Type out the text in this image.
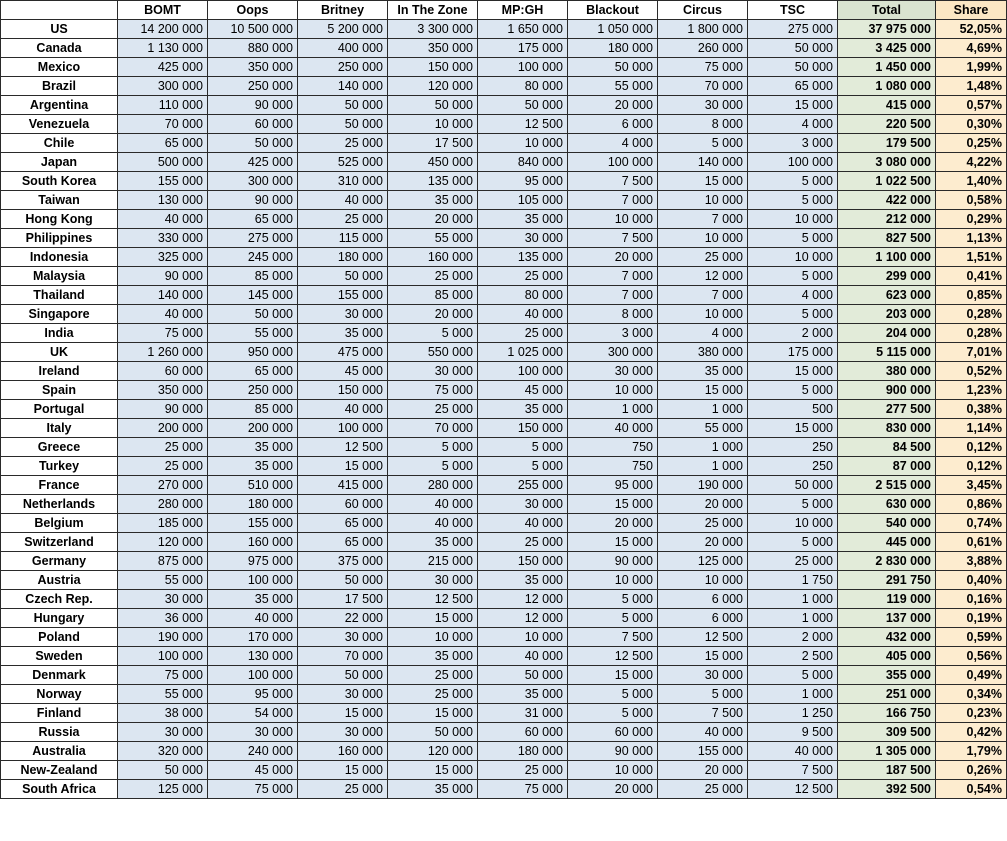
	BOMT	Oops	Britney	In The Zone	MP:GH	Blackout	Circus	TSC	Total	Share
US	14 200 000	10 500 000	5 200 000	3 300 000	1 650 000	1 050 000	1 800 000	275 000	37 975 000	52,05%
Canada	1 130 000	880 000	400 000	350 000	175 000	180 000	260 000	50 000	3 425 000	4,69%
Mexico	425 000	350 000	250 000	150 000	100 000	50 000	75 000	50 000	1 450 000	1,99%
Brazil	300 000	250 000	140 000	120 000	80 000	55 000	70 000	65 000	1 080 000	1,48%
Argentina	110 000	90 000	50 000	50 000	50 000	20 000	30 000	15 000	415 000	0,57%
Venezuela	70 000	60 000	50 000	10 000	12 500	6 000	8 000	4 000	220 500	0,30%
Chile	65 000	50 000	25 000	17 500	10 000	4 000	5 000	3 000	179 500	0,25%
Japan	500 000	425 000	525 000	450 000	840 000	100 000	140 000	100 000	3 080 000	4,22%
South Korea	155 000	300 000	310 000	135 000	95 000	7 500	15 000	5 000	1 022 500	1,40%
Taiwan	130 000	90 000	40 000	35 000	105 000	7 000	10 000	5 000	422 000	0,58%
Hong Kong	40 000	65 000	25 000	20 000	35 000	10 000	7 000	10 000	212 000	0,29%
Philippines	330 000	275 000	115 000	55 000	30 000	7 500	10 000	5 000	827 500	1,13%
Indonesia	325 000	245 000	180 000	160 000	135 000	20 000	25 000	10 000	1 100 000	1,51%
Malaysia	90 000	85 000	50 000	25 000	25 000	7 000	12 000	5 000	299 000	0,41%
Thailand	140 000	145 000	155 000	85 000	80 000	7 000	7 000	4 000	623 000	0,85%
Singapore	40 000	50 000	30 000	20 000	40 000	8 000	10 000	5 000	203 000	0,28%
India	75 000	55 000	35 000	5 000	25 000	3 000	4 000	2 000	204 000	0,28%
UK	1 260 000	950 000	475 000	550 000	1 025 000	300 000	380 000	175 000	5 115 000	7,01%
Ireland	60 000	65 000	45 000	30 000	100 000	30 000	35 000	15 000	380 000	0,52%
Spain	350 000	250 000	150 000	75 000	45 000	10 000	15 000	5 000	900 000	1,23%
Portugal	90 000	85 000	40 000	25 000	35 000	1 000	1 000	500	277 500	0,38%
Italy	200 000	200 000	100 000	70 000	150 000	40 000	55 000	15 000	830 000	1,14%
Greece	25 000	35 000	12 500	5 000	5 000	750	1 000	250	84 500	0,12%
Turkey	25 000	35 000	15 000	5 000	5 000	750	1 000	250	87 000	0,12%
France	270 000	510 000	415 000	280 000	255 000	95 000	190 000	50 000	2 515 000	3,45%
Netherlands	280 000	180 000	60 000	40 000	30 000	15 000	20 000	5 000	630 000	0,86%
Belgium	185 000	155 000	65 000	40 000	40 000	20 000	25 000	10 000	540 000	0,74%
Switzerland	120 000	160 000	65 000	35 000	25 000	15 000	20 000	5 000	445 000	0,61%
Germany	875 000	975 000	375 000	215 000	150 000	90 000	125 000	25 000	2 830 000	3,88%
Austria	55 000	100 000	50 000	30 000	35 000	10 000	10 000	1 750	291 750	0,40%
Czech Rep.	30 000	35 000	17 500	12 500	12 000	5 000	6 000	1 000	119 000	0,16%
Hungary	36 000	40 000	22 000	15 000	12 000	5 000	6 000	1 000	137 000	0,19%
Poland	190 000	170 000	30 000	10 000	10 000	7 500	12 500	2 000	432 000	0,59%
Sweden	100 000	130 000	70 000	35 000	40 000	12 500	15 000	2 500	405 000	0,56%
Denmark	75 000	100 000	50 000	25 000	50 000	15 000	30 000	5 000	355 000	0,49%
Norway	55 000	95 000	30 000	25 000	35 000	5 000	5 000	1 000	251 000	0,34%
Finland	38 000	54 000	15 000	15 000	31 000	5 000	7 500	1 250	166 750	0,23%
Russia	30 000	30 000	30 000	50 000	60 000	60 000	40 000	9 500	309 500	0,42%
Australia	320 000	240 000	160 000	120 000	180 000	90 000	155 000	40 000	1 305 000	1,79%
New-Zealand	50 000	45 000	15 000	15 000	25 000	10 000	20 000	7 500	187 500	0,26%
South Africa	125 000	75 000	25 000	35 000	75 000	20 000	25 000	12 500	392 500	0,54%
